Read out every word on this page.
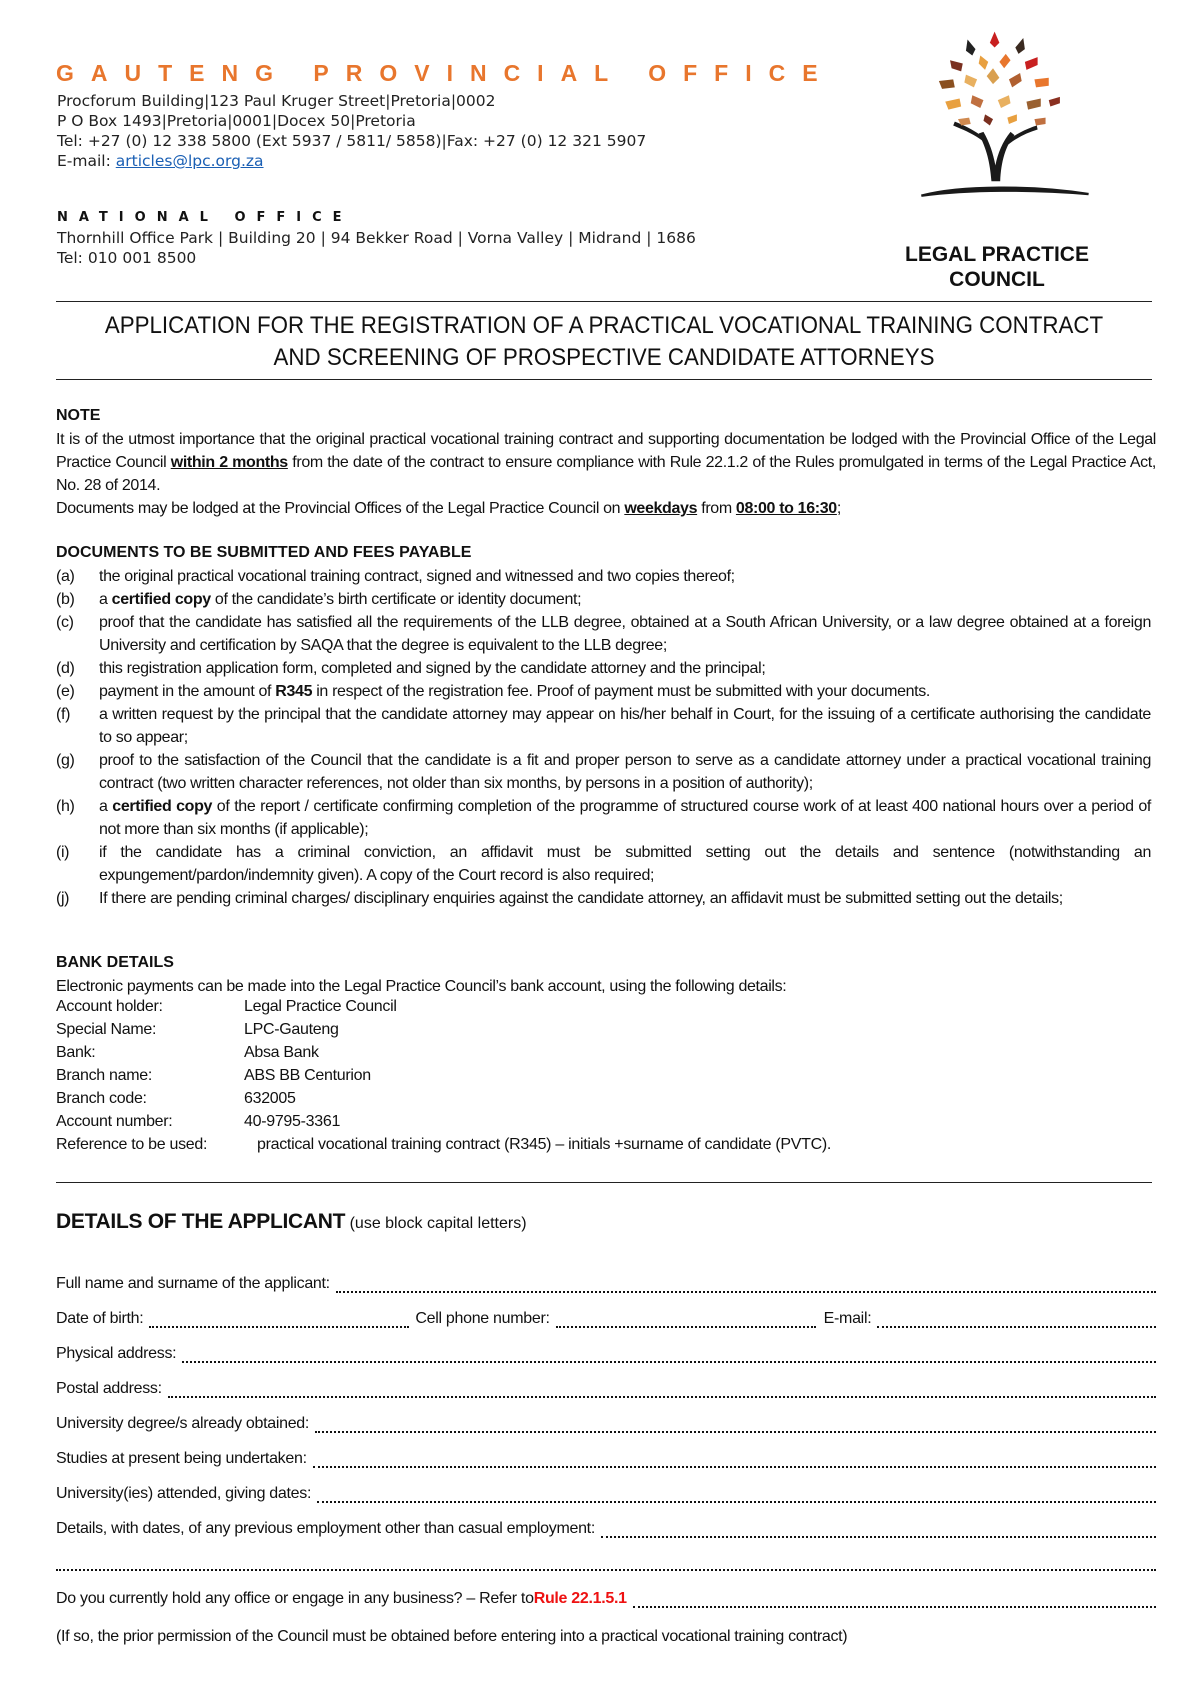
GAUTENG PROVINCIAL OFFICE
Procforum Building|123 Paul Kruger Street|Pretoria|0002
P O Box 1493|Pretoria|0001|Docex 50|Pretoria
Tel: +27 (0) 12 338 5800 (Ext 5937 / 5811/ 5858)|Fax: +27 (0) 12 321 5907
E-mail: articles@lpc.org.za
NATIONAL OFFICE
Thornhill Office Park | Building 20 | 94 Bekker Road | Vorna Valley | Midrand | 1686
Tel: 010 001 8500	LEGAL PRACTICE
COUNCIL
APPLICATION FOR THE REGISTRATION OF A PRACTICAL VOCATIONAL TRAINING CONTRACT
AND SCREENING OF PROSPECTIVE CANDIDATE ATTORNEYS
NOTE
It is of the utmost importance that the original practical vocational training contract and supporting documentation be lodged with the Provincial Office of the Legal Practice Council within 2 months from the date of the contract to ensure compliance with Rule 22.1.2 of the Rules promulgated in terms of the Legal Practice Act, No. 28 of 2014.
Documents may be lodged at the Provincial Offices of the Legal Practice Council on weekdays from 08:00 to 16:30;
DOCUMENTS TO BE SUBMITTED AND FEES PAYABLE
(a)	the original practical vocational training contract, signed and witnessed and two copies thereof;
(b)	a certified copy of the candidate’s birth certificate or identity document;
(c)	proof that the candidate has satisfied all the requirements of the LLB degree, obtained at a South African University, or a law degree obtained at a foreign University and certification by SAQA that the degree is equivalent to the LLB degree;
(d)	this registration application form, completed and signed by the candidate attorney and the principal;
(e)	payment in the amount of R345 in respect of the registration fee. Proof of payment must be submitted with your documents.
(f)	a written request by the principal that the candidate attorney may appear on his/her behalf in Court, for the issuing of a certificate authorising the candidate to so appear;
(g)	proof to the satisfaction of the Council that the candidate is a fit and proper person to serve as a candidate attorney under a practical vocational training contract (two written character references, not older than six months, by persons in a position of authority);
(h)	a certified copy of the report / certificate confirming completion of the programme of structured course work of at least 400 national hours over a period of not more than six months (if applicable);
(i)	if the candidate has a criminal conviction, an affidavit must be submitted setting out the details and sentence (notwithstanding an expungement/pardon/indemnity given). A copy of the Court record is also required;
(j)	If there are pending criminal charges/ disciplinary enquiries against the candidate attorney, an affidavit must be submitted setting out the details;
BANK DETAILS
Electronic payments can be made into the Legal Practice Council’s bank account, using the following details:
Account holder:	Legal Practice Council
Special Name:	LPC-Gauteng
Bank:	Absa Bank
Branch name:	ABS BB Centurion
Branch code:	632005
Account number:	40-9795-3361
Reference to be used:	practical vocational training contract (R345) – initials +surname of candidate (PVTC).
DETAILS OF THE APPLICANT (use block capital letters)
Full name and surname of the applicant:
Date of birth:	Cell phone number:	E-mail:
Physical address:
Postal address:
University degree/s already obtained:
Studies at present being undertaken:
University(ies) attended, giving dates:
Details, with dates, of any previous employment other than casual employment:
Do you currently hold any office or engage in any business? – Refer to Rule 22.1.5.1
(If so, the prior permission of the Council must be obtained before entering into a practical vocational training contract)
